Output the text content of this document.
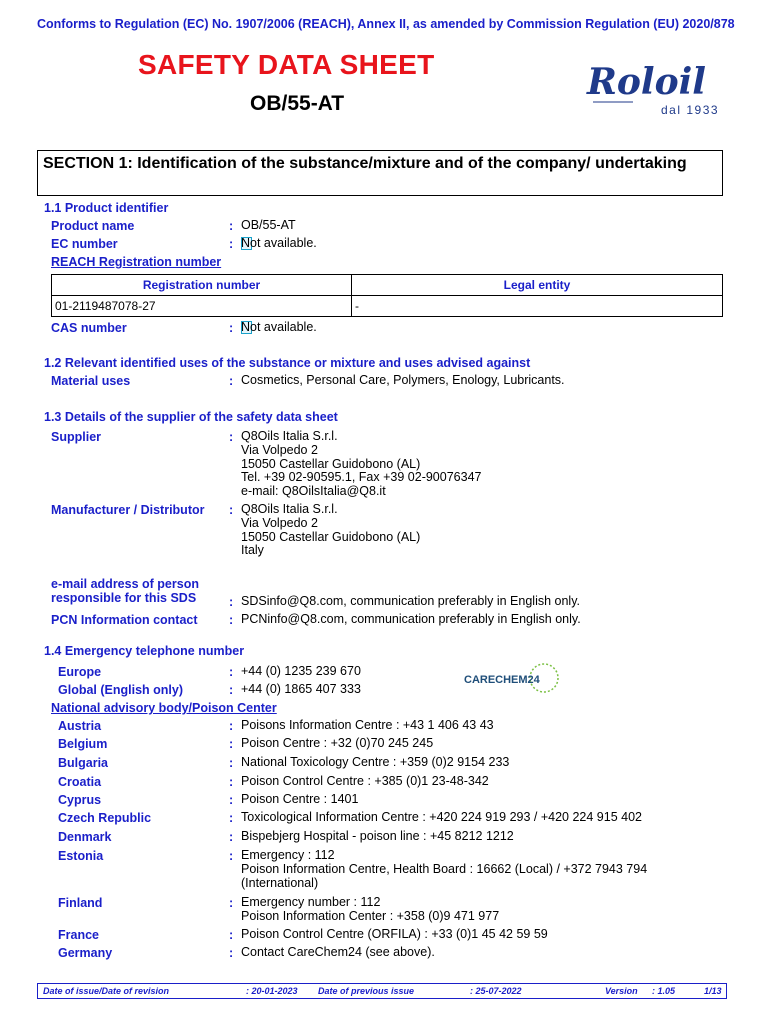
Conforms to Regulation (EC) No. 1907/2006 (REACH), Annex II, as amended by Commission Regulation (EU) 2020/878
SAFETY DATA SHEET
OB/55-AT
Roloil
dal 1933
SECTION 1: Identification of the substance/mixture and of the company/ undertaking
1.1 Product identifier
Product name	: OB/55-AT
EC number	: Not available.
REACH Registration number
Registration number	Legal entity
01-2119487078-27	-
CAS number	: Not available.
1.2 Relevant identified uses of the substance or mixture and uses advised against
Material uses	: Cosmetics, Personal Care, Polymers, Enology, Lubricants.
1.3 Details of the supplier of the safety data sheet
Supplier	: Q8Oils Italia S.r.l.
Via Volpedo 2
15050 Castellar Guidobono (AL)
Tel. +39 02-90595.1, Fax +39 02-90076347
e-mail: Q8OilsItalia@Q8.it
Manufacturer / Distributor : Q8Oils Italia S.r.l.
Via Volpedo 2
15050 Castellar Guidobono (AL)
Italy
e-mail address of person responsible for this SDS	: SDSinfo@Q8.com, communication preferably in English only.
PCN Information contact	: PCNinfo@Q8.com, communication preferably in English only.
1.4 Emergency telephone number
Europe	: +44 (0) 1235 239 670
Global (English only)	: +44 (0) 1865 407 333
CARECHEM24
National advisory body/Poison Center
Austria	: Poisons Information Centre : +43 1 406 43 43
Belgium	: Poison Centre : +32 (0)70 245 245
Bulgaria	: National Toxicology Centre : +359 (0)2 9154 233
Croatia	: Poison Control Centre : +385 (0)1 23-48-342
Cyprus	: Poison Centre : 1401
Czech Republic	: Toxicological Information Centre : +420 224 919 293 / +420 224 915 402
Denmark	: Bispebjerg Hospital - poison line : +45 8212 1212
Estonia	: Emergency : 112
Poison Information Centre, Health Board : 16662 (Local) / +372 7943 794
(International)
Finland	: Emergency number : 112
Poison Information Center : +358 (0)9 471 977
France	: Poison Control Centre (ORFILA) : +33 (0)1 45 42 59 59
Germany	: Contact CareChem24 (see above).
Date of issue/Date of revision	: 20-01-2023 Date of previous issue	: 25-07-2022	Version : 1.05	1/13
